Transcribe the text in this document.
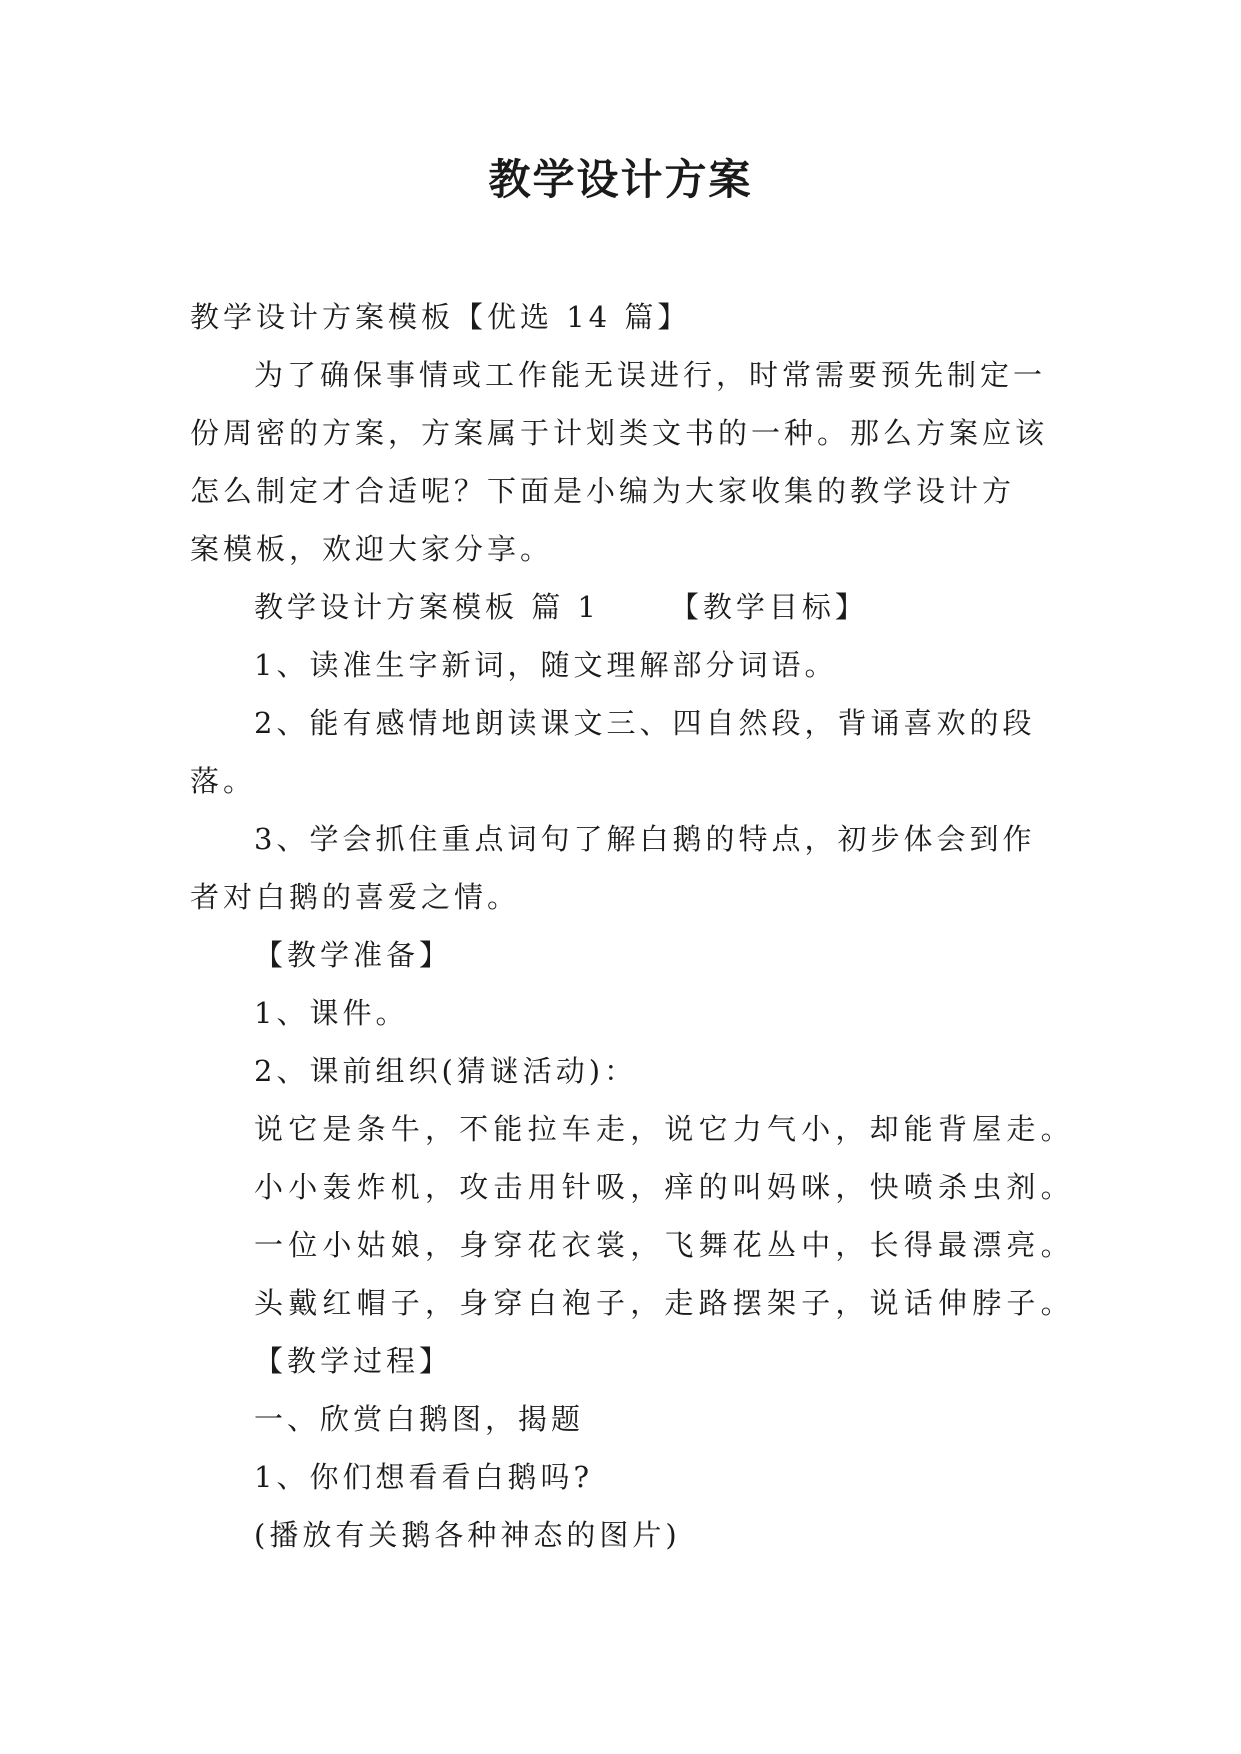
教学设计方案

教学设计方案模板【优选 14 篇】

为了确保事情或工作能无误进行，时常需要预先制定一

份周密的方案，方案属于计划类文书的一种。那么方案应该

怎么制定才合适呢？下面是小编为大家收集的教学设计方

案模板，欢迎大家分享。

教学设计方案模板 篇 1 【教学目标】

1、读准生字新词，随文理解部分词语。

2、能有感情地朗读课文三、四自然段，背诵喜欢的段

落。

3、学会抓住重点词句了解白鹅的特点，初步体会到作

者对白鹅的喜爱之情。

【教学准备】

1、课件。

2、课前组织(猜谜活动)：

说它是条牛，不能拉车走，说它力气小，却能背屋走。

小小轰炸机，攻击用针吸，痒的叫妈咪，快喷杀虫剂。

一位小姑娘，身穿花衣裳，飞舞花丛中，长得最漂亮。

头戴红帽子，身穿白袍子，走路摆架子，说话伸脖子。

【教学过程】

一、欣赏白鹅图，揭题

1、你们想看看白鹅吗?

(播放有关鹅各种神态的图片)
